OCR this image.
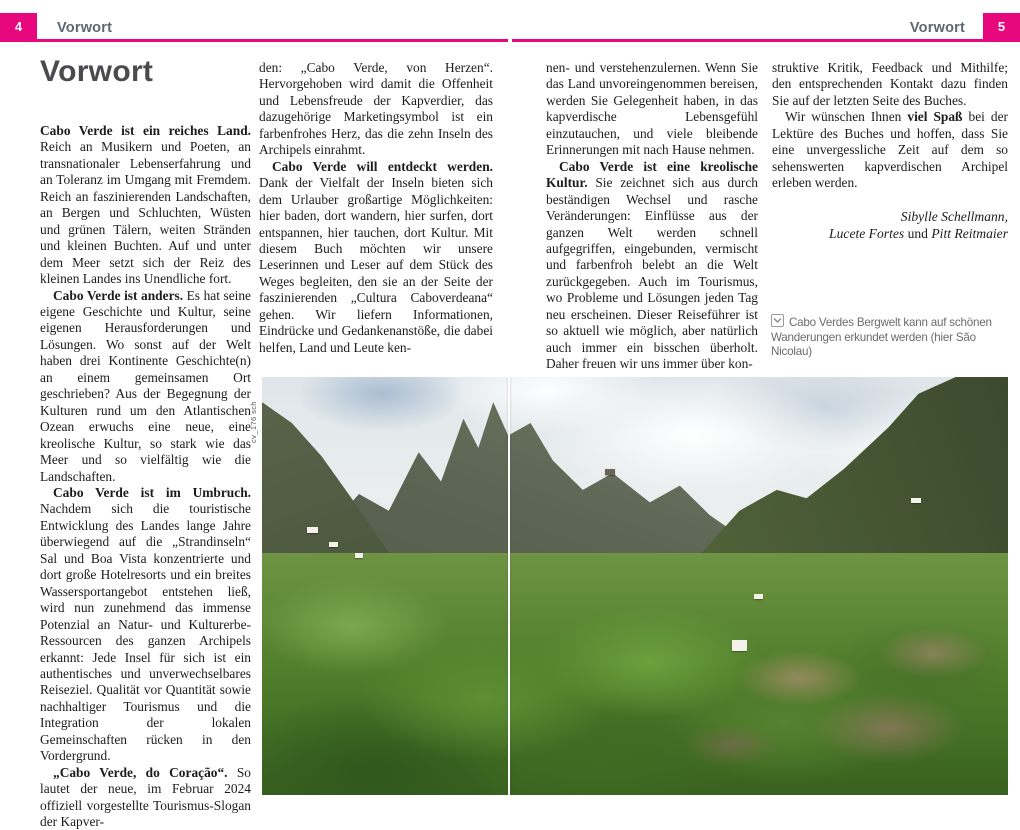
4	Vorwort	Vorwort	5
Vorwort

Cabo Verde ist ein reiches Land. Reich an Musikern und Poeten, an transnationaler Lebenserfahrung und an Toleranz im Umgang mit Fremdem. Reich an faszinierenden Landschaften, an Bergen und Schluchten, Wüsten und grünen Tälern, weiten Stränden und kleinen Buchten. Auf und unter dem Meer setzt sich der Reiz des kleinen Landes ins Unendliche fort.

Cabo Verde ist anders. Es hat seine eigene Geschichte und Kultur, seine eigenen Herausforderungen und Lösungen. Wo sonst auf der Welt haben drei Kontinente Geschichte(n) an einem gemeinsamen Ort geschrieben? Aus der Begegnung der Kulturen rund um den Atlantischen Ozean erwuchs eine neue, eine kreolische Kultur, so stark wie das Meer und so vielfältig wie die Landschaften.

Cabo Verde ist im Umbruch. Nachdem sich die touristische Entwicklung des Landes lange Jahre überwiegend auf die „Strandinseln“ Sal und Boa Vista konzentrierte und dort große Hotelresorts und ein breites Wassersportangebot entstehen ließ, wird nun zunehmend das immense Potenzial an Natur- und Kulturerbe-Ressourcen des ganzen Archipels erkannt: Jede Insel für sich ist ein authentisches und unverwechselbares Reiseziel. Qualität vor Quantität sowie nachhaltiger Tourismus und die Integration der lokalen Gemeinschaften rücken in den Vordergrund.

„Cabo Verde, do Coração“. So lautet der neue, im Februar 2024 offiziell vorgestellte Tourismus-Slogan der Kapver-

den: „Cabo Verde, von Herzen“. Hervorgehoben wird damit die Offenheit und Lebensfreude der Kapverdier, das dazugehörige Marketingsymbol ist ein farbenfrohes Herz, das die zehn Inseln des Archipels einrahmt.

Cabo Verde will entdeckt werden. Dank der Vielfalt der Inseln bieten sich dem Urlauber großartige Möglichkeiten: hier baden, dort wandern, hier surfen, dort entspannen, hier tauchen, dort Kultur. Mit diesem Buch möchten wir unsere Leserinnen und Leser auf dem Stück des Weges begleiten, den sie an der Seite der faszinierenden „Cultura Caboverdeana“ gehen. Wir liefern Informationen, Eindrücke und Gedankenanstöße, die dabei helfen, Land und Leute ken-

nen- und verstehenzulernen. Wenn Sie das Land unvoreingenommen bereisen, werden Sie Gelegenheit haben, in das kapverdische Lebensgefühl einzutauchen, und viele bleibende Erinnerungen mit nach Hause nehmen.

Cabo Verde ist eine kreolische Kultur. Sie zeichnet sich aus durch beständigen Wechsel und rasche Veränderungen: Einflüsse aus der ganzen Welt werden schnell aufgegriffen, eingebunden, vermischt und farbenfroh belebt an die Welt zurückgegeben. Auch im Tourismus, wo Probleme und Lösungen jeden Tag neu erscheinen. Dieser Reiseführer ist so aktuell wie möglich, aber natürlich auch immer ein bisschen überholt. Daher freuen wir uns immer über kon-

struktive Kritik, Feedback und Mithilfe; den entsprechenden Kontakt dazu finden Sie auf der letzten Seite des Buches.

Wir wünschen Ihnen viel Spaß bei der Lektüre des Buches und hoffen, dass Sie eine unvergessliche Zeit auf dem so sehenswerten kapverdischen Archipel erleben werden.

Sibylle Schellmann,
Lucete Fortes und Pitt Reitmaier
Cabo Verdes Bergwelt kann auf schönen Wanderungen erkundet werden (hier São Nicolau)
cv_176 sch
